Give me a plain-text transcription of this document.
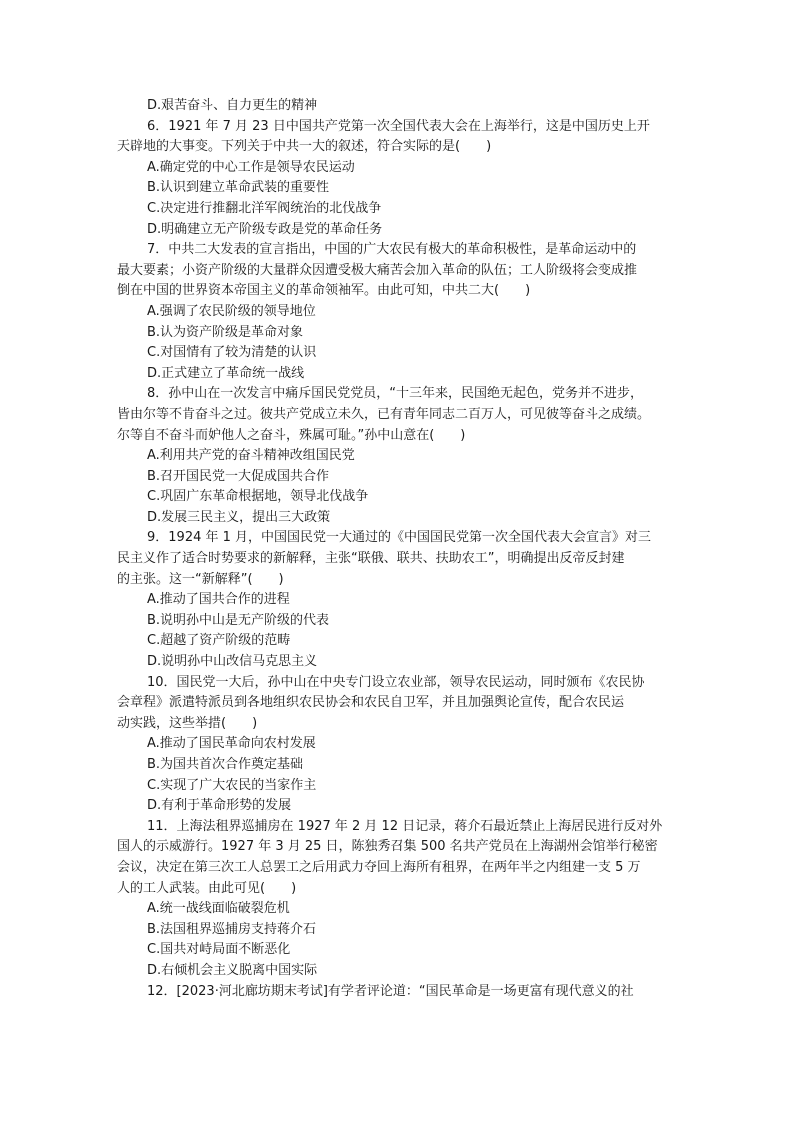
D.艰苦奋斗、自力更生的精神

6．1921 年 7 月 23 日中国共产党第一次全国代表大会在上海举行，这是中国历史上开

天辟地的大事变。下列关于中共一大的叙述，符合实际的是(　　)

A.确定党的中心工作是领导农民运动

B.认识到建立革命武装的重要性

C.决定进行推翻北洋军阀统治的北伐战争

D.明确建立无产阶级专政是党的革命任务

7．中共二大发表的宣言指出，中国的广大农民有极大的革命积极性，是革命运动中的

最大要素；小资产阶级的大量群众因遭受极大痛苦会加入革命的队伍；工人阶级将会变成推

倒在中国的世界资本帝国主义的革命领袖军。由此可知，中共二大(　　)

A.强调了农民阶级的领导地位

B.认为资产阶级是革命对象

C.对国情有了较为清楚的认识

D.正式建立了革命统一战线

8．孙中山在一次发言中痛斥国民党党员，“十三年来，民国绝无起色，党务并不进步，

皆由尔等不肯奋斗之过。彼共产党成立未久，已有青年同志二百万人，可见彼等奋斗之成绩。

尔等自不奋斗而妒他人之奋斗，殊属可耻。”孙中山意在(　　)

A.利用共产党的奋斗精神改组国民党

B.召开国民党一大促成国共合作

C.巩固广东革命根据地，领导北伐战争

D.发展三民主义，提出三大政策

9．1924 年 1 月，中国国民党一大通过的《中国国民党第一次全国代表大会宣言》对三

民主义作了适合时势要求的新解释，主张“联俄、联共、扶助农工”，明确提出反帝反封建

的主张。这一“新解释”(　　)

A.推动了国共合作的进程

B.说明孙中山是无产阶级的代表

C.超越了资产阶级的范畴

D.说明孙中山改信马克思主义

10．国民党一大后，孙中山在中央专门设立农业部，领导农民运动，同时颁布《农民协

会章程》派遣特派员到各地组织农民协会和农民自卫军，并且加强舆论宣传，配合农民运

动实践，这些举措(　　)

A.推动了国民革命向农村发展

B.为国共首次合作奠定基础

C.实现了广大农民的当家作主

D.有利于革命形势的发展

11．上海法租界巡捕房在 1927 年 2 月 12 日记录，蒋介石最近禁止上海居民进行反对外

国人的示威游行。1927 年 3 月 25 日，陈独秀召集 500 名共产党员在上海湖州会馆举行秘密

会议，决定在第三次工人总罢工之后用武力夺回上海所有租界，在两年半之内组建一支 5 万

人的工人武装。由此可见(　　)

A.统一战线面临破裂危机

B.法国租界巡捕房支持蒋介石

C.国共对峙局面不断恶化

D.右倾机会主义脱离中国实际

12．[2023·河北廊坊期末考试]有学者评论道：“国民革命是一场更富有现代意义的社
